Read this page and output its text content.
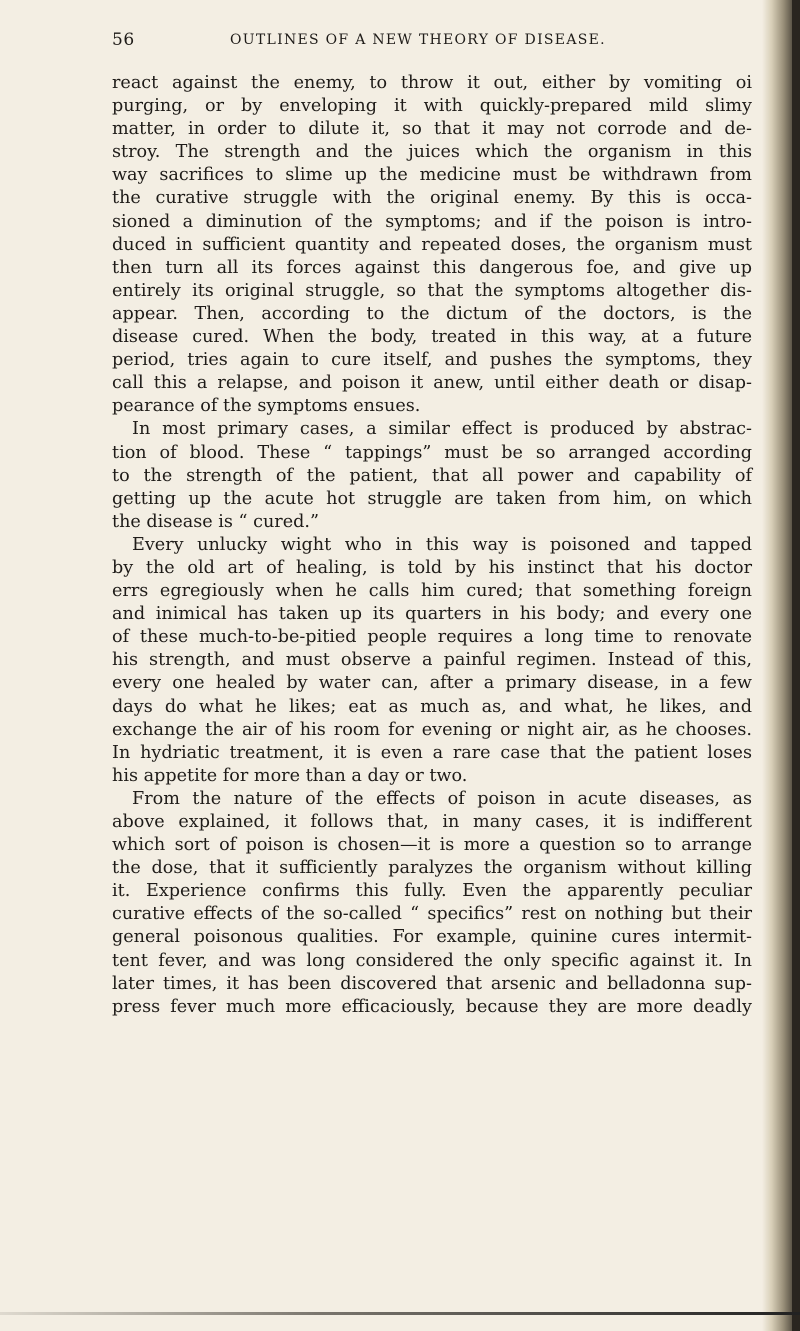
56	OUTLINES OF A NEW THEORY OF DISEASE.
react against the enemy, to throw it out, either by vomiting oi
purging, or by enveloping it with quickly-prepared mild slimy
matter, in order to dilute it, so that it may not corrode and de-
stroy. The strength and the juices which the organism in this
way sacrifices to slime up the medicine must be withdrawn from
the curative struggle with the original enemy. By this is occa-
sioned a diminution of the symptoms; and if the poison is intro-
duced in sufficient quantity and repeated doses, the organism must
then turn all its forces against this dangerous foe, and give up
entirely its original struggle, so that the symptoms altogether dis-
appear. Then, according to the dictum of the doctors, is the
disease cured. When the body, treated in this way, at a future
period, tries again to cure itself, and pushes the symptoms, they
call this a relapse, and poison it anew, until either death or disap-
pearance of the symptoms ensues.
In most primary cases, a similar effect is produced by abstrac-
tion of blood. These “ tappings” must be so arranged according
to the strength of the patient, that all power and capability of
getting up the acute hot struggle are taken from him, on which
the disease is “ cured.”
Every unlucky wight who in this way is poisoned and tapped
by the old art of healing, is told by his instinct that his doctor
errs egregiously when he calls him cured; that something foreign
and inimical has taken up its quarters in his body; and every one
of these much-to-be-pitied people requires a long time to renovate
his strength, and must observe a painful regimen. Instead of this,
every one healed by water can, after a primary disease, in a few
days do what he likes; eat as much as, and what, he likes, and
exchange the air of his room for evening or night air, as he chooses.
In hydriatic treatment, it is even a rare case that the patient loses
his appetite for more than a day or two.
From the nature of the effects of poison in acute diseases, as
above explained, it follows that, in many cases, it is indifferent
which sort of poison is chosen—it is more a question so to arrange
the dose, that it sufficiently paralyzes the organism without killing
it. Experience confirms this fully. Even the apparently peculiar
curative effects of the so-called “ specifics” rest on nothing but their
general poisonous qualities. For example, quinine cures intermit-
tent fever, and was long considered the only specific against it. In
later times, it has been discovered that arsenic and belladonna sup-
press fever much more efficaciously, because they are more deadly
